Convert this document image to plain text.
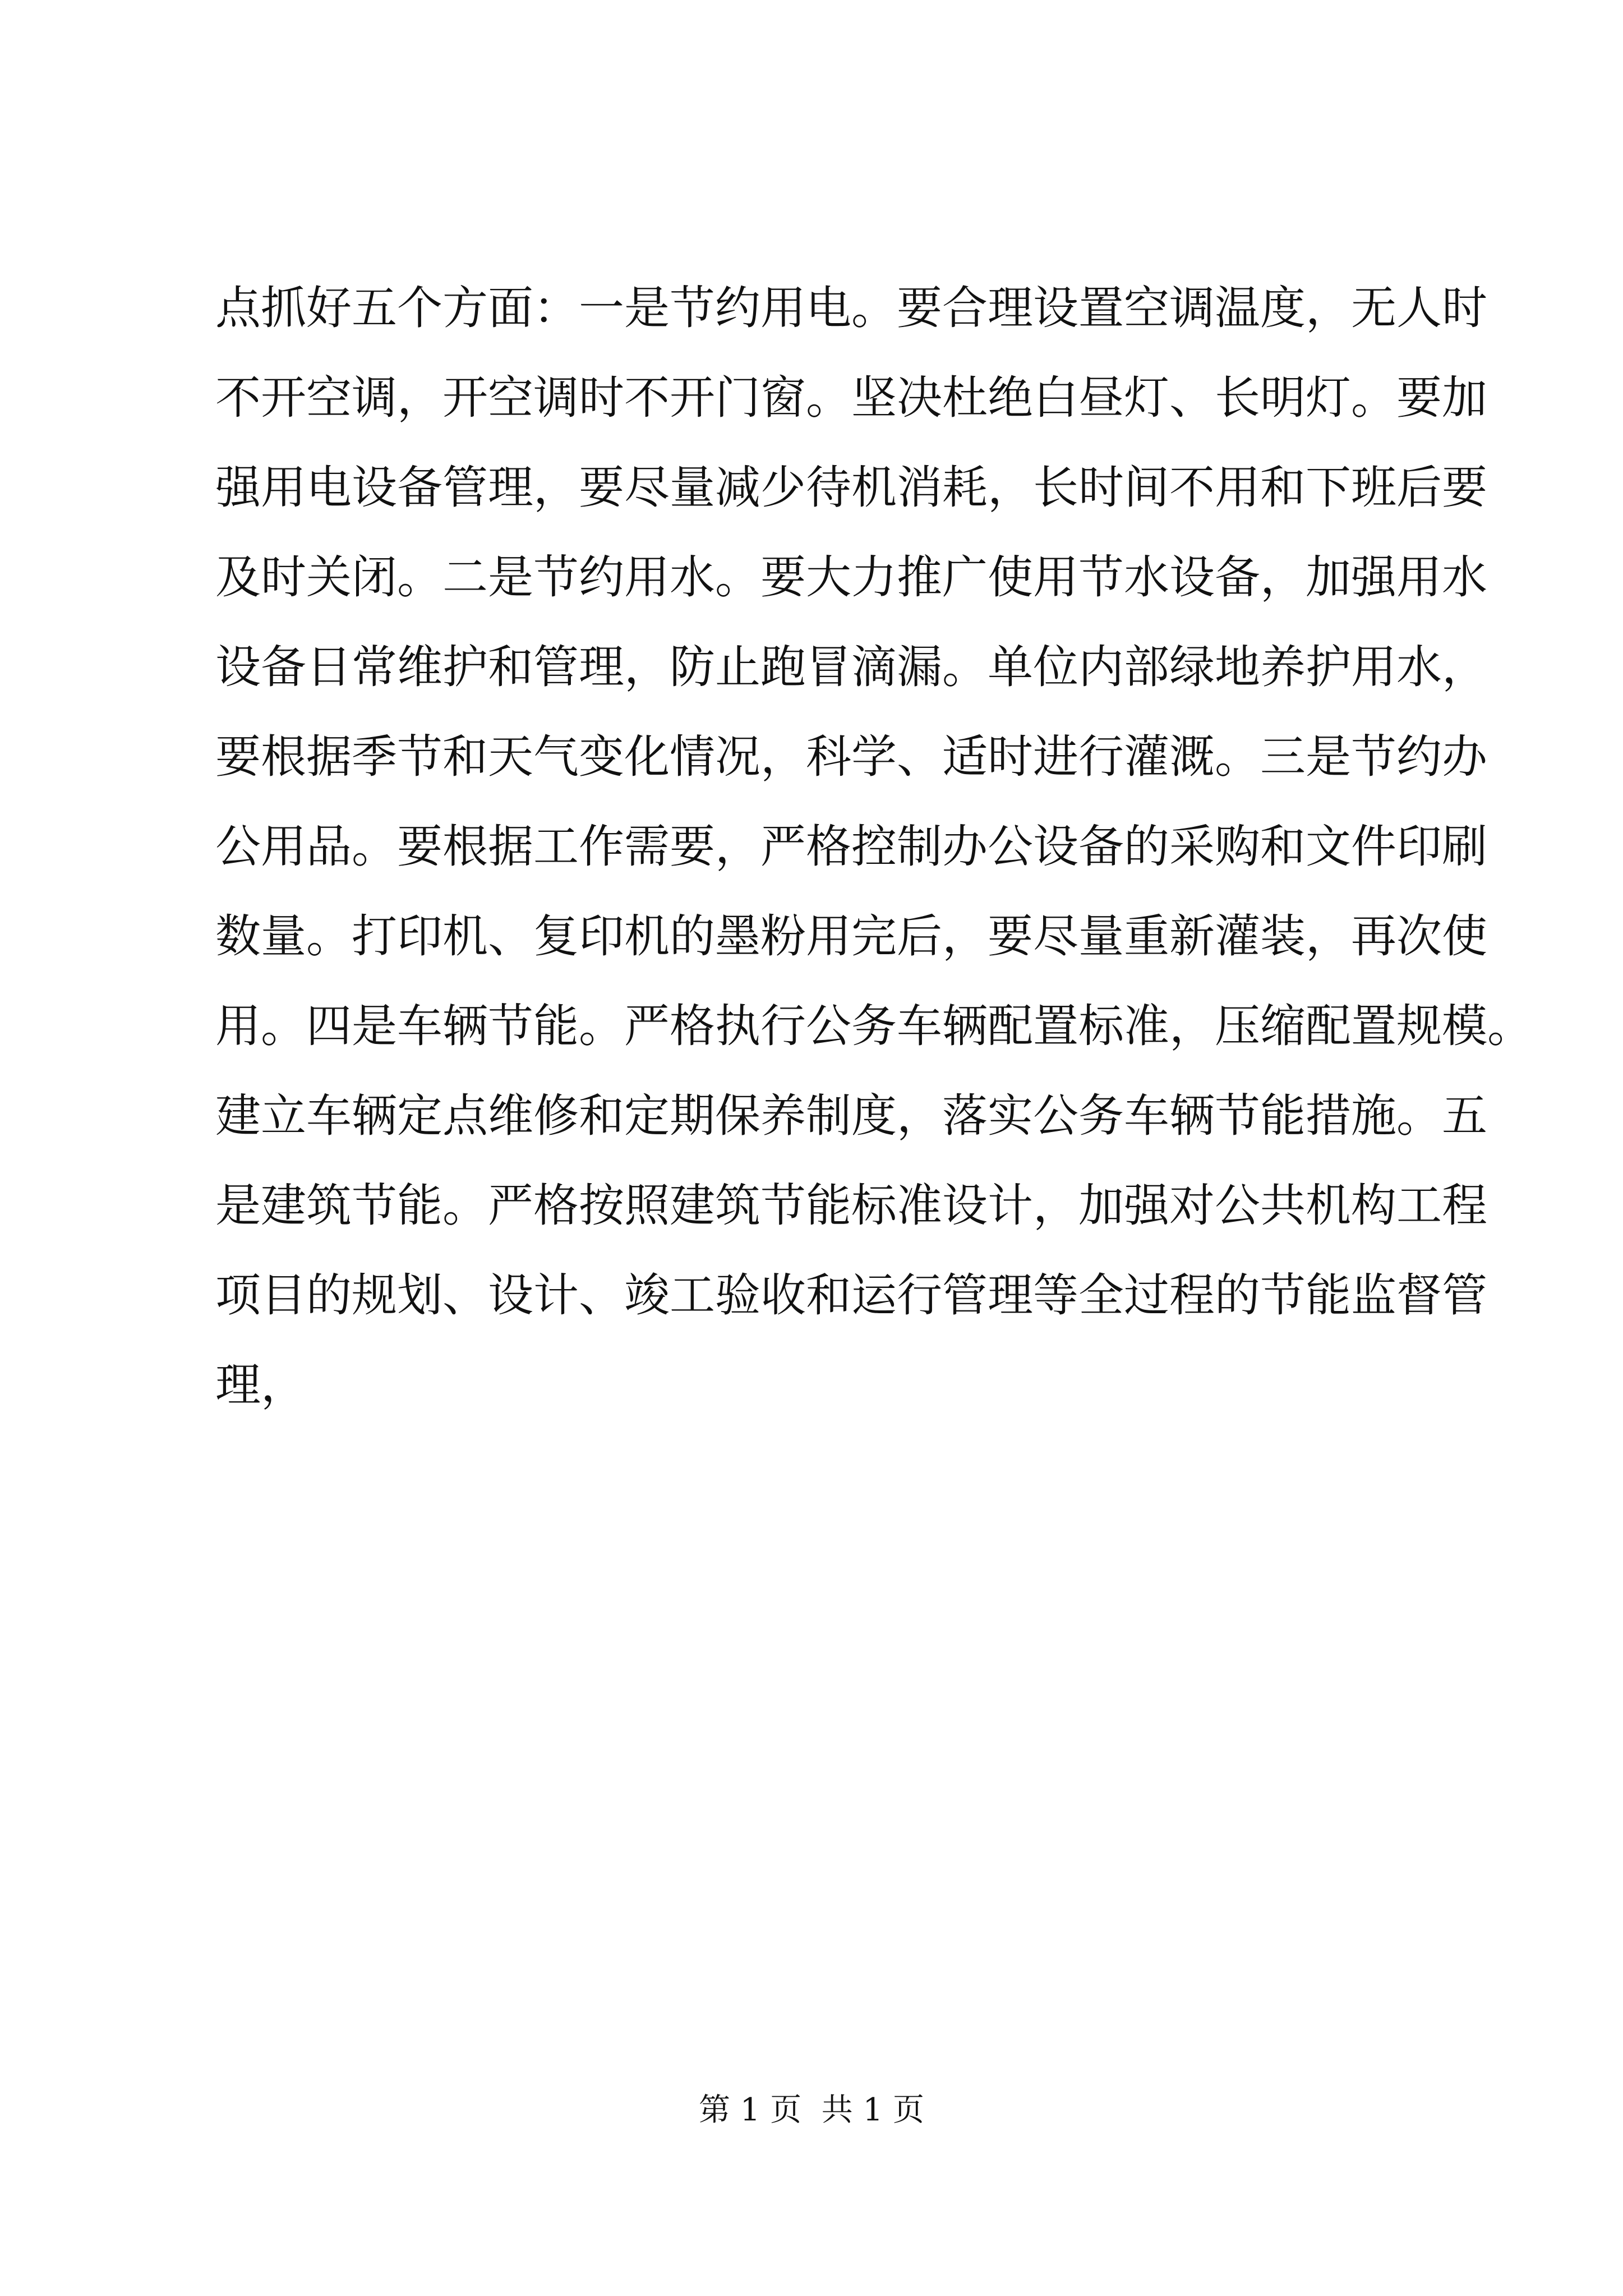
点抓好五个方面：一是节约用电。要合理设置空调温度，无人时
不开空调，开空调时不开门窗。坚决杜绝白昼灯、长明灯。要加
强用电设备管理，要尽量减少待机消耗，长时间不用和下班后要
及时关闭。二是节约用水。要大力推广使用节水设备，加强用水
设备日常维护和管理，防止跑冒滴漏。单位内部绿地养护用水，
要根据季节和天气变化情况，科学、适时进行灌溉。三是节约办
公用品。要根据工作需要，严格控制办公设备的采购和文件印刷
数量。打印机、复印机的墨粉用完后，要尽量重新灌装，再次使
用。四是车辆节能。严格执行公务车辆配置标准，压缩配置规模。
建立车辆定点维修和定期保养制度，落实公务车辆节能措施。五
是建筑节能。严格按照建筑节能标准设计，加强对公共机构工程
项目的规划、设计、竣工验收和运行管理等全过程的节能监督管
理，
第 1 页  共 1 页
